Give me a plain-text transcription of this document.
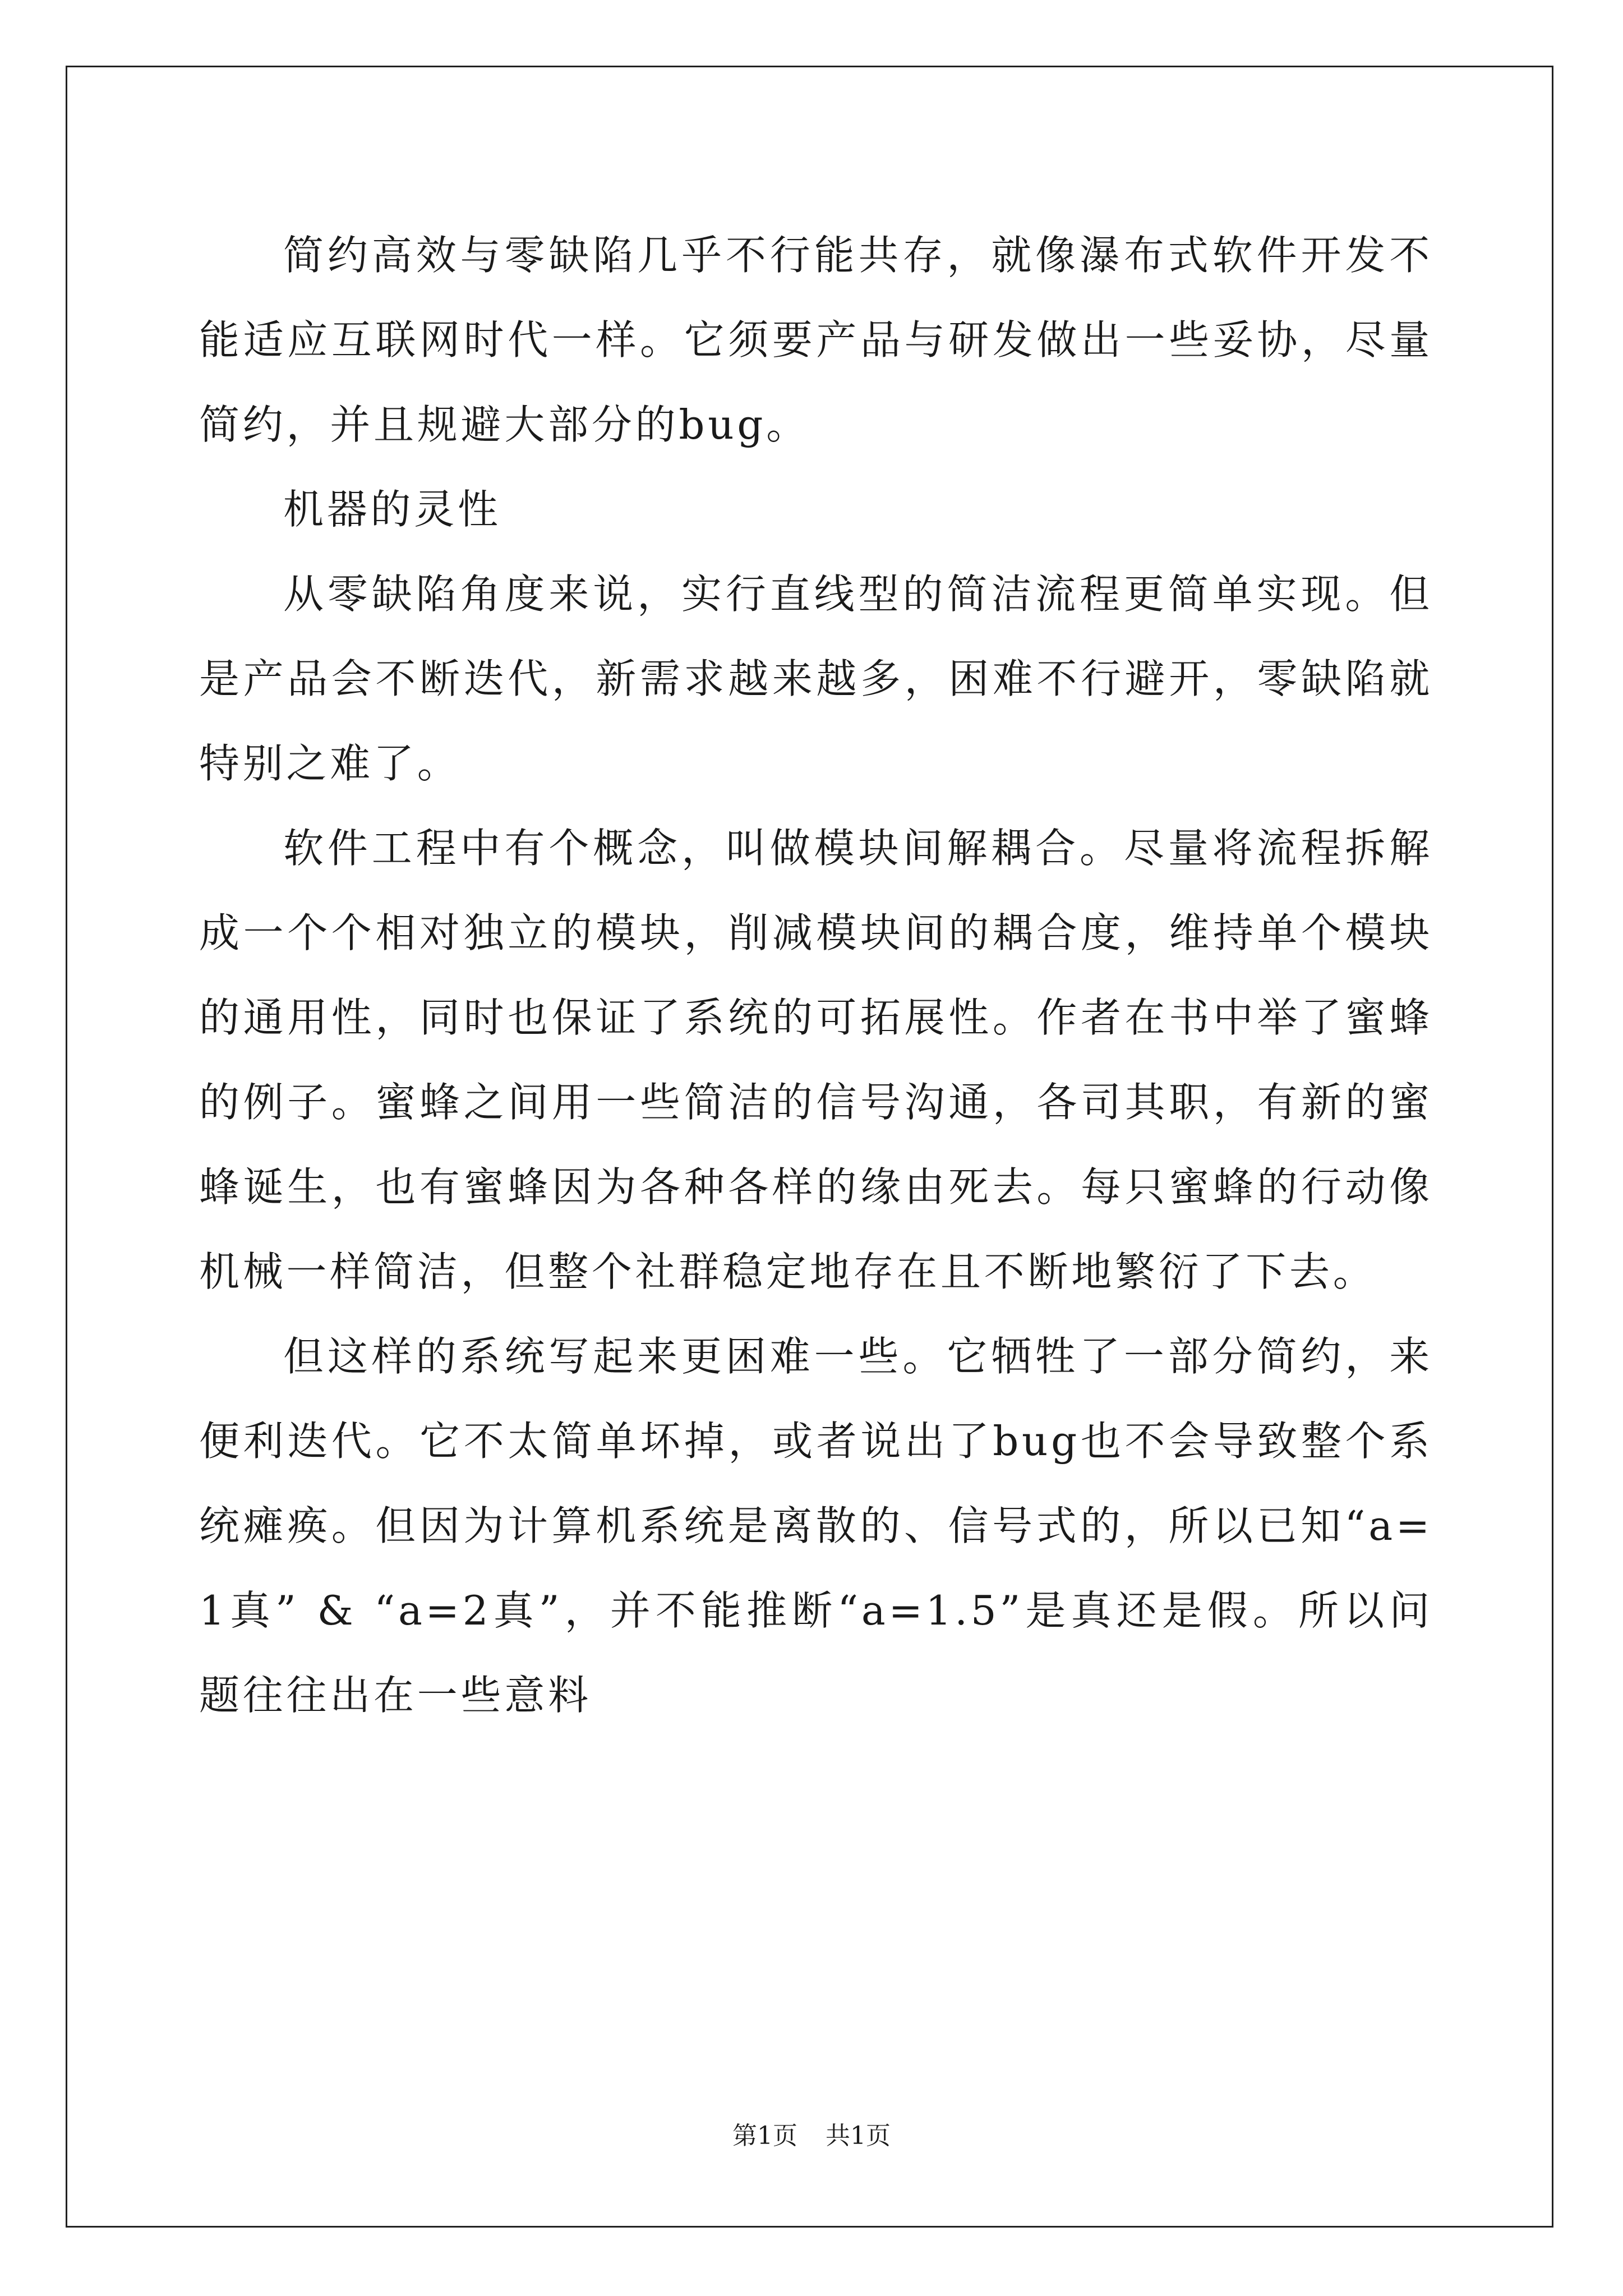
简约高效与零缺陷几乎不行能共存，就像瀑布式软件开发不能适应互联网时代一样。它须要产品与研发做出一些妥协，尽量简约，并且规避大部分的bug。

机器的灵性

从零缺陷角度来说，实行直线型的简洁流程更简单实现。但是产品会不断迭代，新需求越来越多，困难不行避开，零缺陷就特别之难了。

软件工程中有个概念，叫做模块间解耦合。尽量将流程拆解成一个个相对独立的模块，削减模块间的耦合度，维持单个模块的通用性，同时也保证了系统的可拓展性。作者在书中举了蜜蜂的例子。蜜蜂之间用一些简洁的信号沟通，各司其职，有新的蜜蜂诞生，也有蜜蜂因为各种各样的缘由死去。每只蜜蜂的行动像机械一样简洁，但整个社群稳定地存在且不断地繁衍了下去。

但这样的系统写起来更困难一些。它牺牲了一部分简约，来便利迭代。它不太简单坏掉，或者说出了bug也不会导致整个系统瘫痪。但因为计算机系统是离散的、信号式的，所以已知“a=1真” & “a=2真”，并不能推断“a=1.5”是真还是假。所以问题往往出在一些意料

第1页 共1页
